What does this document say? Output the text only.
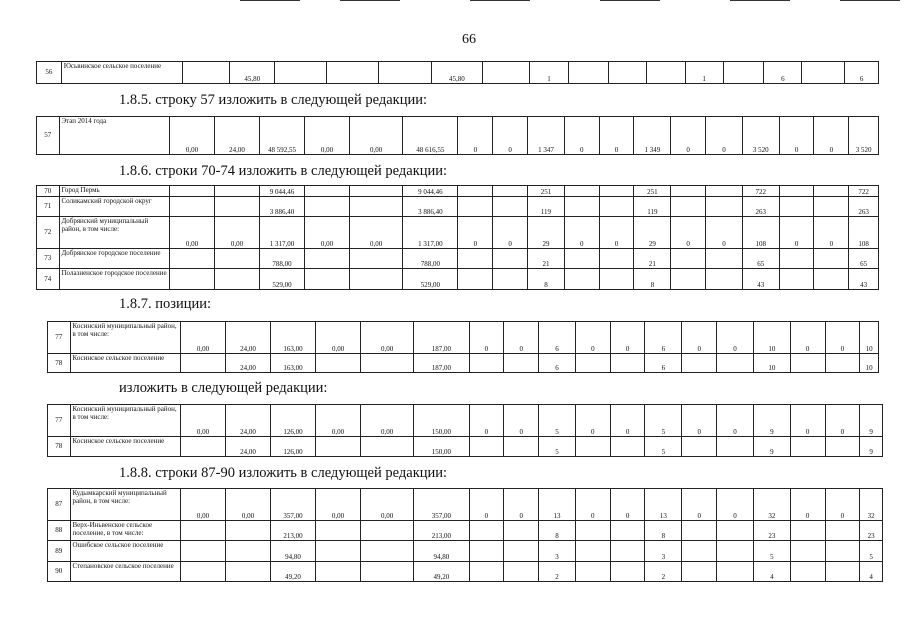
66
56	Юсьвинское сельское поселение		45,80				45,80		1				1		6		6
1.8.5. строку 57 изложить в следующей редакции:
57	Этап 2014 года	0,00	24,00	48 592,55	0,00	0,00	48 616,55	0	0	1 347	0	0	1 349	0	0	3 520	0	0	3 520
1.8.6. строки 70-74 изложить в следующей редакции:
70	Город Пермь			9 044,46			9 044,46			251			251			722			722
71	Соликамский городской округ			3 886,40			3 886,40			119			119			263			263
72	Добрянский муниципальный район, в том числе:	0,00	0,00	1 317,00	0,00	0,00	1 317,00	0	0	29	0	0	29	0	0	108	0	0	108
73	Добрянское городское поселение			788,00			788,00			21			21			65			65
74	Полазненское городское поселение			529,00			529,00			8			8			43			43
1.8.7. позиции:
77	Косинский муниципальный район, в том числе:	0,00	24,00	163,00	0,00	0,00	187,00	0	0	6	0	0	6	0	0	10	0	0	10
78	Косинское сельское поселение		24,00	163,00			187,00			6			6			10			10
изложить в следующей редакции:
77	Косинский муниципальный район, в том числе:	0,00	24,00	126,00	0,00	0,00	150,00	0	0	5	0	0	5	0	0	9	0	0	9
78	Косинское сельское поселение		24,00	126,00			150,00			5			5			9			9
1.8.8. строки 87-90 изложить в следующей редакции:
87	Кудымкарский муниципальный район, в том числе:	0,00	0,00	357,00	0,00	0,00	357,00	0	0	13	0	0	13	0	0	32	0	0	32
88	Верх-Иньвенское сельское поселение, в том числе:			213,00			213,00			8			8			23			23
89	Ошибское сельское поселение			94,80			94,80			3			3			5			5
90	Степановское сельское поселение			49,20			49,20			2			2			4			4
